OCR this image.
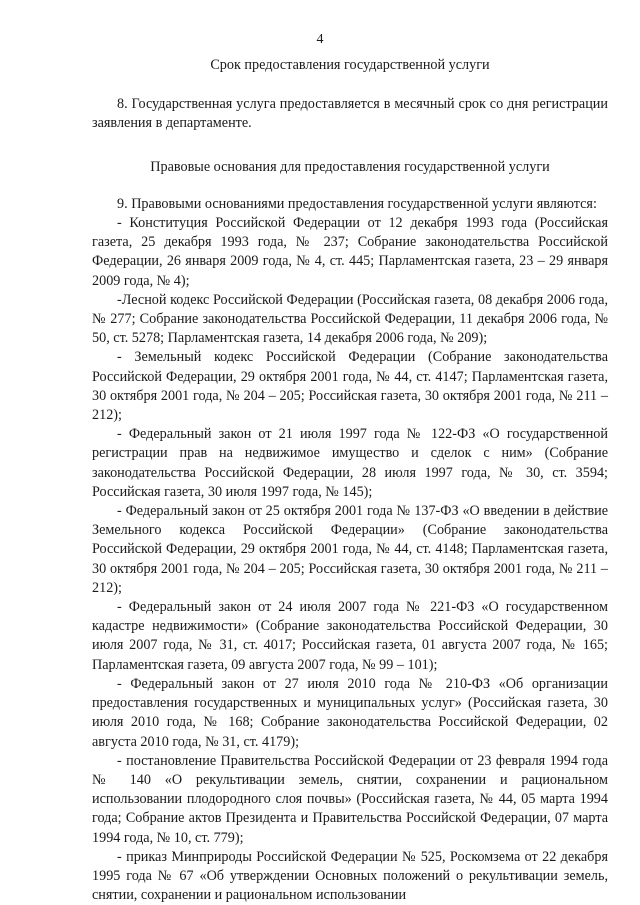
4

Срок предоставления государственной услуги

8. Государственная услуга предоставляется в месячный срок со дня регистрации заявления в департаменте.

Правовые основания для предоставления государственной услуги

9. Правовыми основаниями предоставления государственной услуги являются:

- Конституция Российской Федерации от 12 декабря 1993 года (Российская газета, 25 декабря 1993 года, № 237; Собрание законодательства Российской Федерации, 26 января 2009 года, № 4, ст. 445; Парламентская газета, 23 – 29 января 2009 года, № 4);
-Лесной кодекс Российской Федерации (Российская газета, 08 декабря 2006 года, № 277; Собрание законодательства Российской Федерации, 11 декабря 2006 года, № 50, ст. 5278; Парламентская газета, 14 декабря 2006 года, № 209);
- Земельный кодекс Российской Федерации (Собрание законодательства Российской Федерации, 29 октября 2001 года, № 44, ст. 4147; Парламентская газета, 30 октября 2001 года, № 204 – 205; Российская газета, 30 октября 2001 года, № 211 – 212);
- Федеральный закон от 21 июля 1997 года № 122-ФЗ «О государственной регистрации прав на недвижимое имущество и сделок с ним» (Собрание законодательства Российской Федерации, 28 июля 1997 года, № 30, ст. 3594; Российская газета, 30 июля 1997 года, № 145);
- Федеральный закон от 25 октября 2001 года № 137-ФЗ «О введении в действие Земельного кодекса Российской Федерации» (Собрание законодательства Российской Федерации, 29 октября 2001 года, № 44, ст. 4148; Парламентская газета, 30 октября 2001 года, № 204 – 205; Российская газета, 30 октября 2001 года, № 211 – 212);
- Федеральный закон от 24 июля 2007 года № 221-ФЗ «О государственном кадастре недвижимости» (Собрание законодательства Российской Федерации, 30 июля 2007 года, № 31, ст. 4017; Российская газета, 01 августа 2007 года, № 165; Парламентская газета, 09 августа 2007 года, № 99 – 101);
- Федеральный закон от 27 июля 2010 года № 210-ФЗ «Об организации предоставления государственных и муниципальных услуг» (Российская газета, 30 июля 2010 года, № 168; Собрание законодательства Российской Федерации, 02 августа 2010 года, № 31, ст. 4179);
- постановление Правительства Российской Федерации от 23 февраля 1994 года № 140 «О рекультивации земель, снятии, сохранении и рациональном использовании плодородного слоя почвы» (Российская газета, № 44, 05 марта 1994 года; Собрание актов Президента и Правительства Российской Федерации, 07 марта 1994 года, № 10, ст. 779);
- приказ Минприроды Российской Федерации № 525, Роскомзема от 22 декабря 1995 года № 67 «Об утверждении Основных положений о рекультивации земель, снятии, сохранении и рациональном использовании
